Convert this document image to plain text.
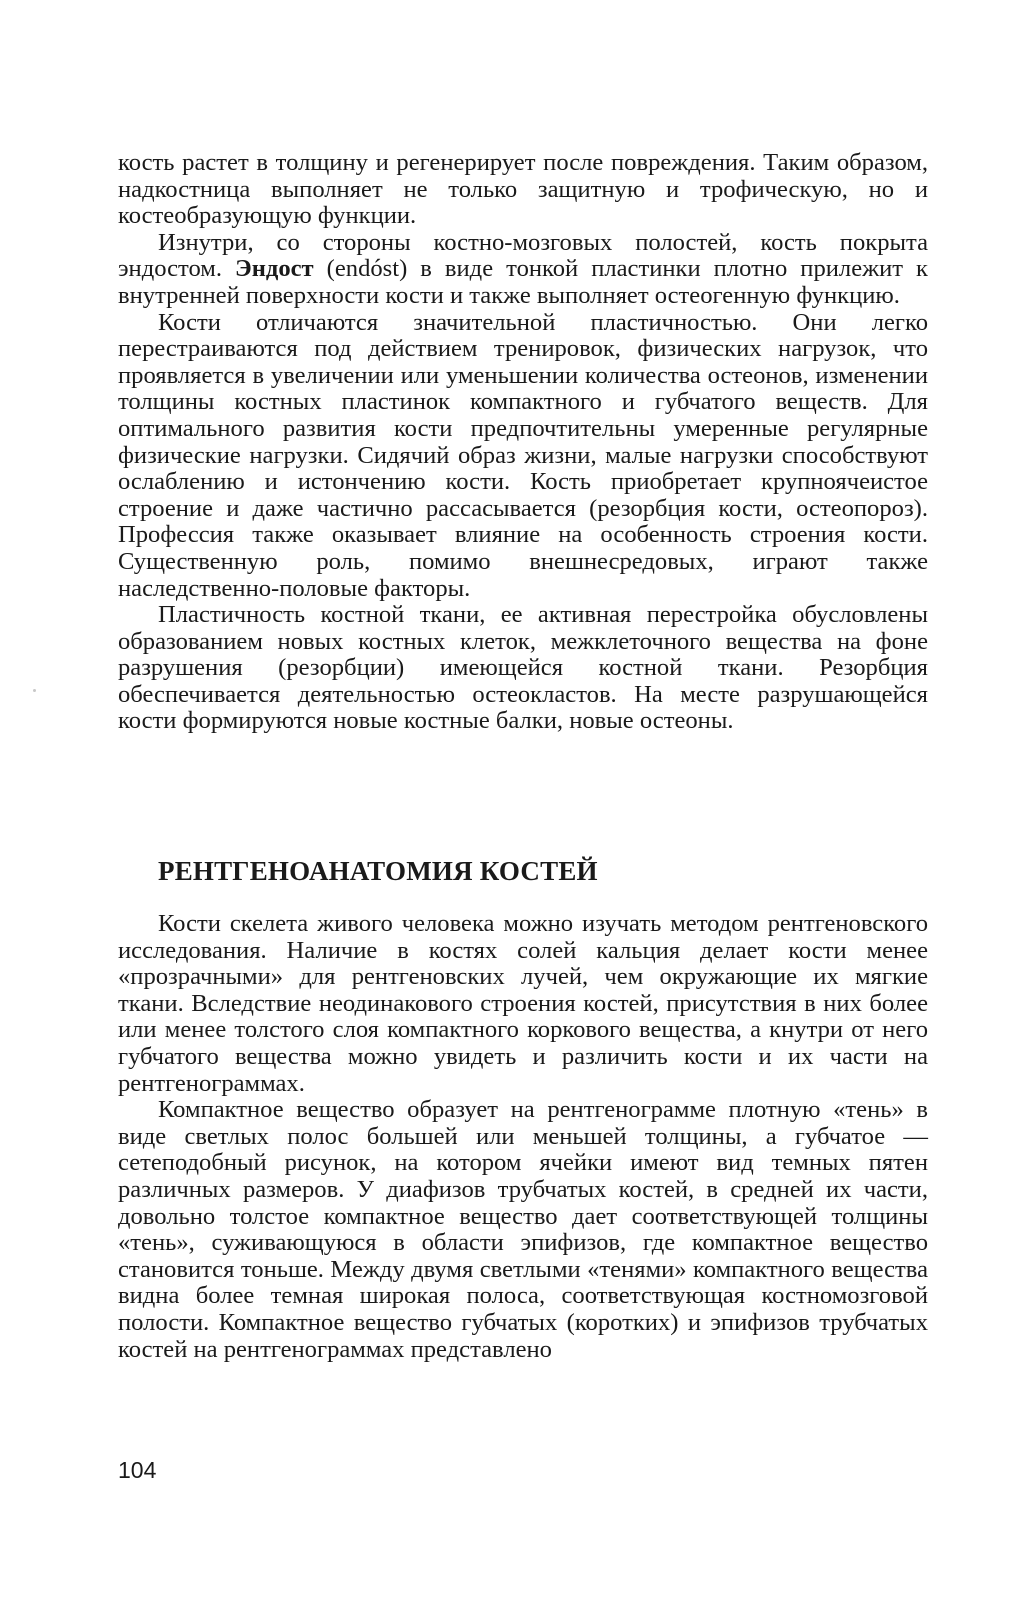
кость растет в толщину и регенерирует после повреждения. Таким образом, надкостница выполняет не только защитную и трофическую, но и костеобразующую функции.

Изнутри, со стороны костно-мозговых полостей, кость покрыта эндостом. Эндост (endóst) в виде тонкой пластинки плотно прилежит к внутренней поверхности кости и также выполняет остеогенную функцию.

Кости отличаются значительной пластичностью. Они легко перестраиваются под действием тренировок, физических нагрузок, что проявляется в увеличении или уменьшении количества остеонов, изменении толщины костных пластинок компактного и губчатого веществ. Для оптимального развития кости предпочтительны умеренные регулярные физические нагрузки. Сидячий образ жизни, малые нагрузки способствуют ослаблению и истончению кости. Кость приобретает крупноячеистое строение и даже частично рассасывается (резорбция кости, остеопороз). Профессия также оказывает влияние на особенность строения кости. Существенную роль, помимо внешнесредовых, играют также наследственно-половые факторы.

Пластичность костной ткани, ее активная перестройка обусловлены образованием новых костных клеток, межклеточного вещества на фоне разрушения (резорбции) имеющейся костной ткани. Резорбция обеспечивается деятельностью остеокластов. На месте разрушающейся кости формируются новые костные балки, новые остеоны.

РЕНТГЕНОАНАТОМИЯ КОСТЕЙ

Кости скелета живого человека можно изучать методом рентгеновского исследования. Наличие в костях солей кальция делает кости менее «прозрачными» для рентгеновских лучей, чем окружающие их мягкие ткани. Вследствие неодинакового строения костей, присутствия в них более или менее толстого слоя компактного коркового вещества, а кнутри от него губчатого вещества можно увидеть и различить кости и их части на рентгенограммах.

Компактное вещество образует на рентгенограмме плотную «тень» в виде светлых полос большей или меньшей толщины, а губчатое — сетеподобный рисунок, на котором ячейки имеют вид темных пятен различных размеров. У диафизов трубчатых костей, в средней их части, довольно толстое компактное вещество дает соответствующей толщины «тень», суживающуюся в области эпифизов, где компактное вещество становится тоньше. Между двумя светлыми «тенями» компактного вещества видна более темная широкая полоса, соответствующая костномозговой полости. Компактное вещество губчатых (коротких) и эпифизов трубчатых костей на рентгенограммах представлено

104
